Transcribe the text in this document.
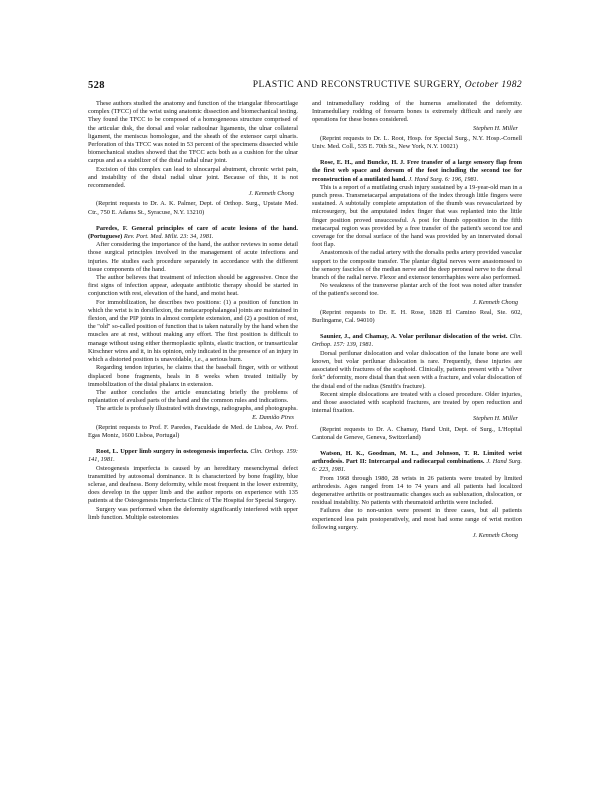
528	PLASTIC AND RECONSTRUCTIVE SURGERY, October 1982

These authors studied the anatomy and function of the triangular fibrocartilage complex (TFCC) of the wrist using anatomic dissection and biomechanical testing. They found the TFCC to be composed of a homogeneous structure comprised of the articular disk, the dorsal and volar radioulnar ligaments, the ulnar collateral ligament, the meniscus homologue, and the sheath of the extensor carpi ulnaris. Perforation of this TFCC was noted in 53 percent of the specimens dissected while biomechanical studies showed that the TFCC acts both as a cushion for the ulnar carpus and as a stabilizer of the distal radial ulnar joint.

Excision of this complex can lead to ulnocarpal abutment, chronic wrist pain, and instability of the distal radial ulnar joint. Because of this, it is not recommended.

J. Kenneth Chong

(Reprint requests to Dr. A. K. Palmer, Dept. of Orthop. Surg., Upstate Med. Ctr., 750 E. Adams St., Syracuse, N.Y. 13210)

Paredes, F. General principles of care of acute lesions of the hand. (Portuguese) Rev. Port. Med. Milit. 23: 34, 1981.

After considering the importance of the hand, the author reviews in some detail those surgical principles involved in the management of acute infections and injuries. He studies each procedure separately in accordance with the different tissue components of the hand.

The author believes that treatment of infection should be aggressive. Once the first signs of infection appear, adequate antibiotic therapy should be started in conjunction with rest, elevation of the hand, and moist heat.

For immobilization, he describes two positions: (1) a position of function in which the wrist is in dorsiflexion, the metacarpophalangeal joints are maintained in flexion, and the PIP joints in almost complete extension, and (2) a position of rest, the "old" so-called position of function that is taken naturally by the hand when the muscles are at rest, without making any effort. The first position is difficult to manage without using either thermoplastic splints, elastic traction, or transarticular Kirschner wires and it, in his opinion, only indicated in the presence of an injury in which a distorted position is unavoidable, i.e., a serious burn.

Regarding tendon injuries, he claims that the baseball finger, with or without displaced bone fragments, heals in 8 weeks when treated initially by immobilization of the distal phalanx in extension.

The author concludes the article enunciating briefly the problems of replantation of avulsed parts of the hand and the common rules and indications.

The article is profusely illustrated with drawings, radiographs, and photographs.

E. Damião Pires

(Reprint requests to Prof. F. Paredes, Faculdade de Med. de Lisboa, Av. Prof. Egas Moniz, 1600 Lisboa, Portugal)

Root, L. Upper limb surgery in osteogenesis imperfecta. Clin. Orthop. 159: 141, 1981.

Osteogenesis imperfecta is caused by an hereditary mesenchymal defect transmitted by autosomal dominance. It is characterized by bone fragility, blue sclerae, and deafness. Bony deformity, while most frequent in the lower extremity, does develop in the upper limb and the author reports on experience with 135 patients at the Osteogenesis Imperfecta Clinic of The Hospital for Special Surgery.

Surgery was performed when the deformity significantly interfered with upper limb function. Multiple osteotomies

and intramedullary rodding of the humerus ameliorated the deformity. Intramedullary rodding of forearm bones is extremely difficult and rarely are operations for these bones considered.

Stephen H. Miller

(Reprint requests to Dr. L. Root, Hosp. for Special Surg., N.Y. Hosp.-Cornell Univ. Med. Coll., 535 E. 70th St., New York, N.Y. 10021)

Rose, E. H., and Buncke, H. J. Free transfer of a large sensory flap from the first web space and dorsum of the foot including the second toe for reconstruction of a mutilated hand. J. Hand Surg. 6: 196, 1981.

This is a report of a mutilating crush injury sustained by a 19-year-old man in a punch press. Transmetacarpal amputations of the index through little fingers were sustained. A subtotally complete amputation of the thumb was revascularized by microsurgery, but the amputated index finger that was replanted into the little finger position proved unsuccessful. A post for thumb opposition in the fifth metacarpal region was provided by a free transfer of the patient's second toe and coverage for the dorsal surface of the hand was provided by an innervated dorsal foot flap.

Anastomosis of the radial artery with the dorsalis pedis artery provided vascular support to the composite transfer. The plantar digital nerves were anastomosed to the sensory fascicles of the median nerve and the deep peroneal nerve to the dorsal branch of the radial nerve. Flexor and extensor tenorrhaphies were also performed.

No weakness of the transverse plantar arch of the foot was noted after transfer of the patient's second toe.

J. Kenneth Chong

(Reprint requests to Dr. E. H. Rose, 1828 El Camino Real, Ste. 602, Burlingame, Cal. 94010)

Saunier, J., and Chamay, A. Volar perilunar dislocation of the wrist. Clin. Orthop. 157: 139, 1981.

Dorsal perilunar dislocation and volar dislocation of the lunate bone are well known, but volar perilunar dislocation is rare. Frequently, these injuries are associated with fractures of the scaphoid. Clinically, patients present with a "silver fork" deformity, more distal than that seen with a fracture, and volar dislocation of the distal end of the radius (Smith's fracture).

Recent simple dislocations are treated with a closed procedure. Older injuries, and those associated with scaphoid fractures, are treated by open reduction and internal fixation.

Stephen H. Miller

(Reprint requests to Dr. A. Chamay, Hand Unit, Dept. of Surg., L'Hopital Cantonal de Geneve, Geneva, Switzerland)

Watson, H. K., Goodman, M. L., and Johnson, T. R. Limited wrist arthrodesis. Part II: Intercarpal and radiocarpal combinations. J. Hand Surg. 6: 223, 1981.

From 1968 through 1980, 28 wrists in 26 patients were treated by limited arthrodesis. Ages ranged from 14 to 74 years and all patients had localized degenerative arthritis or posttraumatic changes such as subluxation, dislocation, or residual instability. No patients with rheumatoid arthritis were included.

Failures due to non-union were present in three cases, but all patients experienced less pain postoperatively, and most had some range of wrist motion following surgery.

J. Kenneth Chong
